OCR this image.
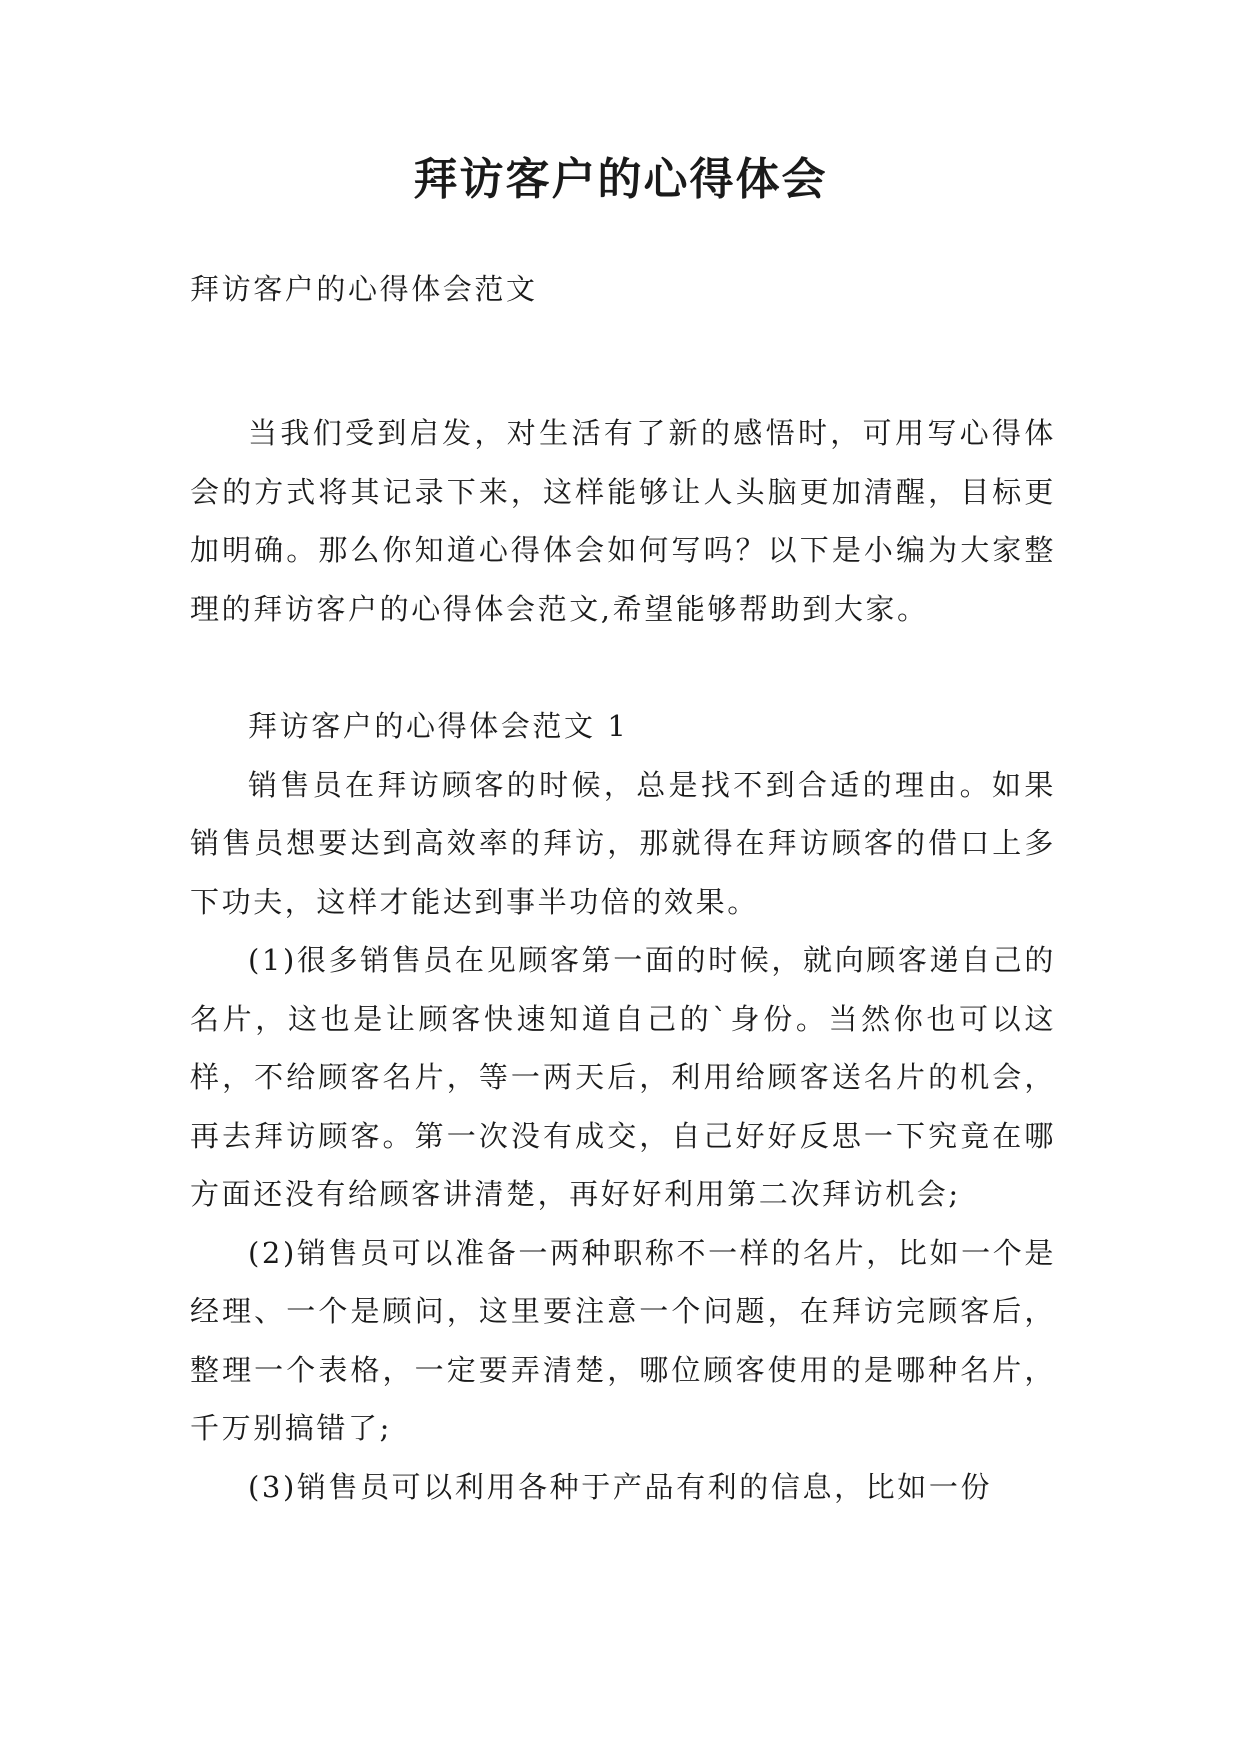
拜访客户的心得体会

拜访客户的心得体会范文

当我们受到启发，对生活有了新的感悟时，可用写心得体会的方式将其记录下来，这样能够让人头脑更加清醒，目标更加明确。那么你知道心得体会如何写吗？以下是小编为大家整理的拜访客户的心得体会范文,希望能够帮助到大家。

拜访客户的心得体会范文 1

销售员在拜访顾客的时候，总是找不到合适的理由。如果销售员想要达到高效率的拜访，那就得在拜访顾客的借口上多下功夫，这样才能达到事半功倍的效果。

(1)很多销售员在见顾客第一面的时候，就向顾客递自己的名片，这也是让顾客快速知道自己的`身份。当然你也可以这样，不给顾客名片，等一两天后，利用给顾客送名片的机会，再去拜访顾客。第一次没有成交，自己好好反思一下究竟在哪方面还没有给顾客讲清楚，再好好利用第二次拜访机会;

(2)销售员可以准备一两种职称不一样的名片，比如一个是经理、一个是顾问，这里要注意一个问题，在拜访完顾客后，整理一个表格，一定要弄清楚，哪位顾客使用的是哪种名片，千万别搞错了;

(3)销售员可以利用各种于产品有利的信息，比如一份
